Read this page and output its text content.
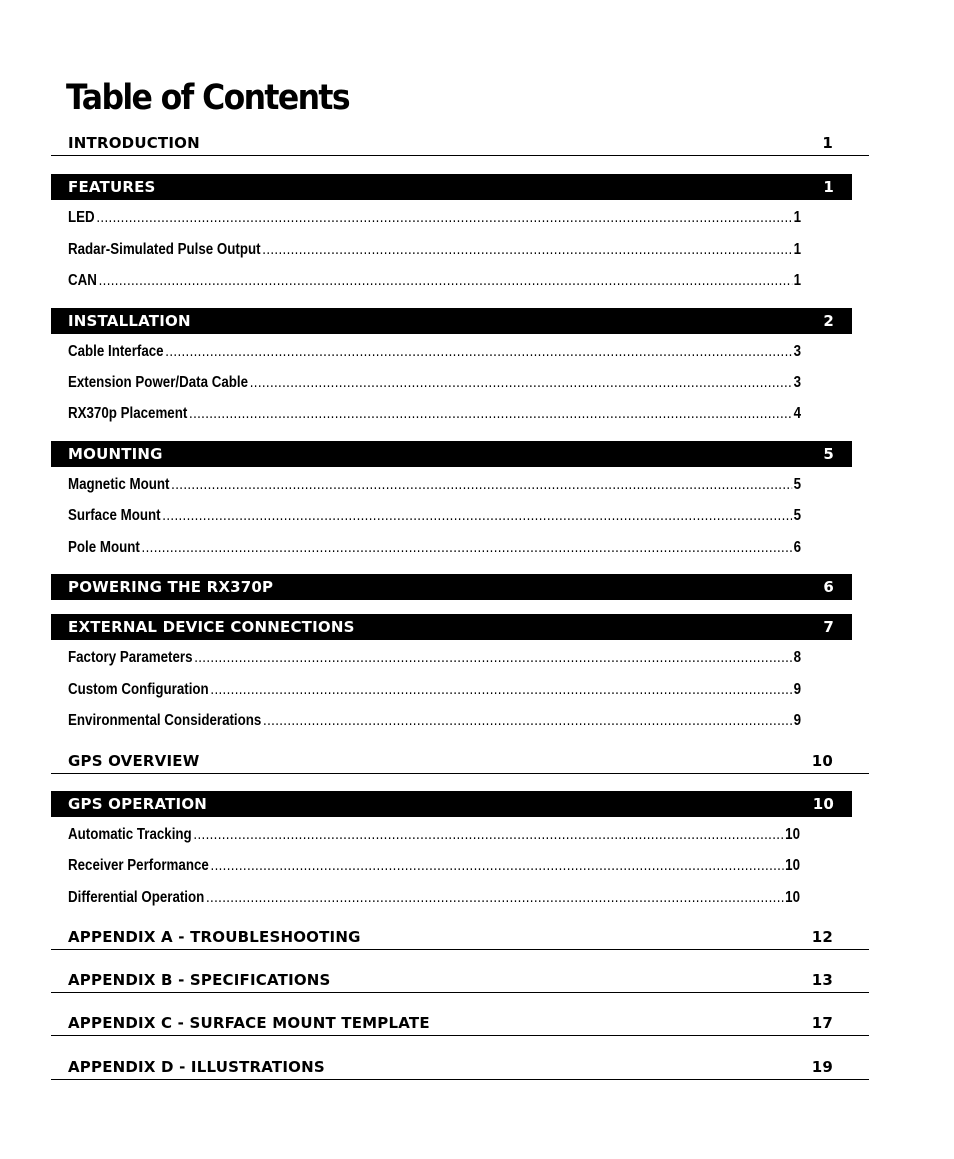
Table of Contents
INTRODUCTION	1
FEATURES	1
LED .....	1
Radar-Simulated Pulse Output .....	1
CAN .....	1
INSTALLATION	2
Cable Interface .....	3
Extension Power/Data Cable .....	3
RX370p Placement .....	4
MOUNTING	5
Magnetic Mount .....	5
Surface Mount .....	5
Pole Mount .....	6
POWERING THE RX370P	6
EXTERNAL DEVICE CONNECTIONS	7
Factory Parameters .....	8
Custom Configuration .....	9
Environmental Considerations .....	9
GPS OVERVIEW	10
GPS OPERATION	10
Automatic Tracking .....	10
Receiver Performance .....	10
Differential Operation .....	10
APPENDIX A - TROUBLESHOOTING	12
APPENDIX B - SPECIFICATIONS	13
APPENDIX C - SURFACE MOUNT TEMPLATE	17
APPENDIX D - ILLUSTRATIONS	19
